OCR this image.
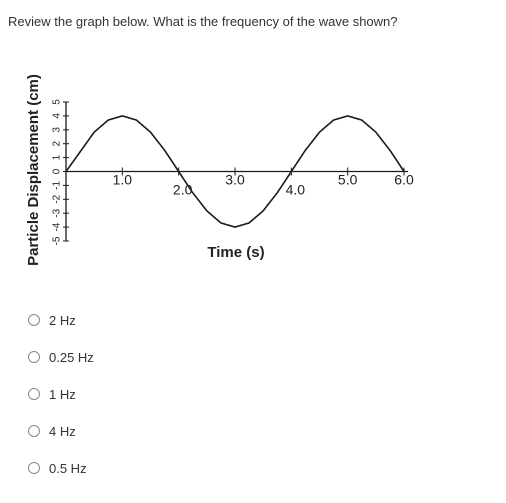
Review the graph below. What is the frequency of the wave shown?
5
4
3
2
1
0
-1
-2
-3
-4
-5
1.0
2.0
3.0
4.0
5.0	6.0
Time (s)
Particle Displacement (cm)
2 Hz
0.25 Hz
1 Hz
4 Hz
0.5 Hz
